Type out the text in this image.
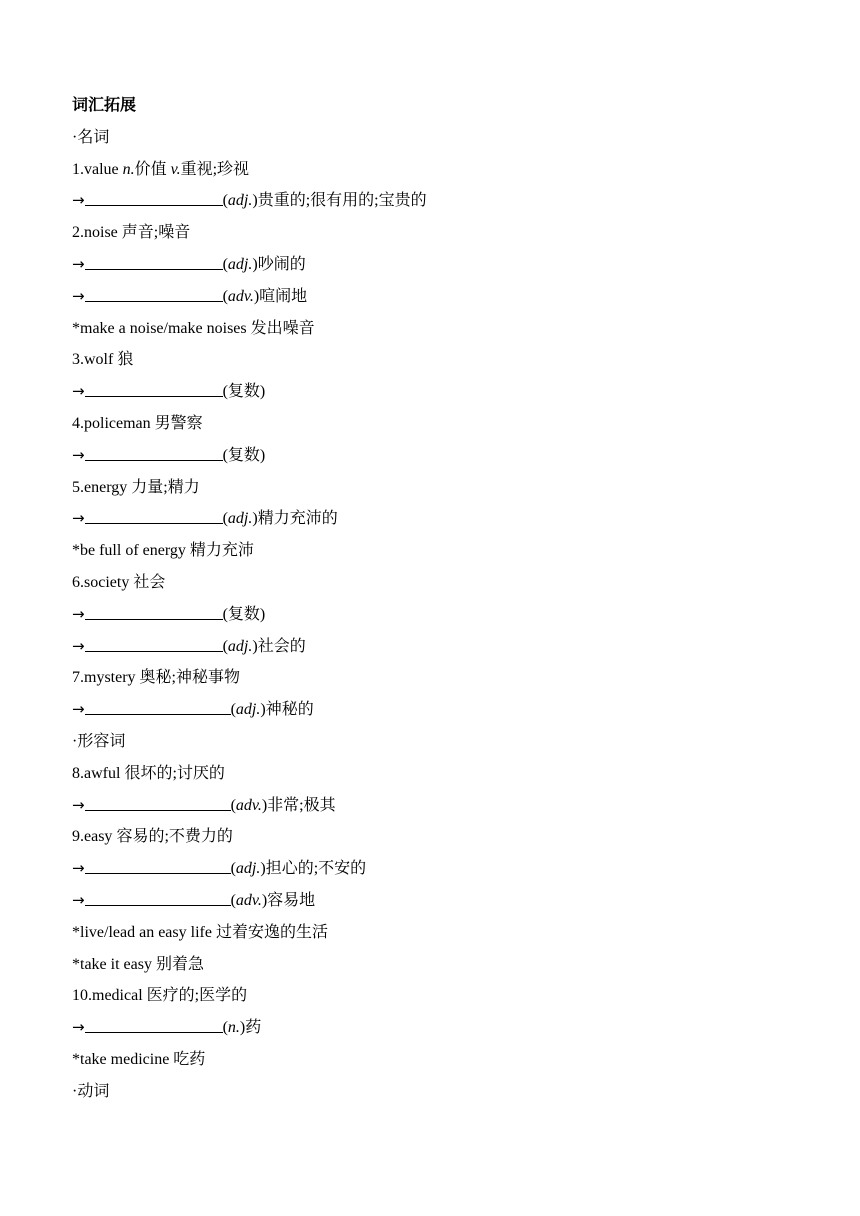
词汇拓展
·名词
1.value n.价值 v.重视;珍视
→	(adj.)贵重的;很有用的;宝贵的
2.noise 声音;噪音
→	(adj.)吵闹的
→	(adv.)喧闹地
*make a noise/make noises 发出噪音
3.wolf 狼
→	(复数)
4.policeman 男警察
→	(复数)
5.energy 力量;精力
→	(adj.)精力充沛的
*be full of energy 精力充沛
6.society 社会
→	(复数)
→	(adj.)社会的
7.mystery 奥秘;神秘事物
→	(adj.)神秘的
·形容词
8.awful 很坏的;讨厌的
→	(adv.)非常;极其
9.easy 容易的;不费力的
→	(adj.)担心的;不安的
→	(adv.)容易地
*live/lead an easy life 过着安逸的生活
*take it easy 别着急
10.medical 医疗的;医学的
→	(n.)药
*take medicine 吃药
·动词
